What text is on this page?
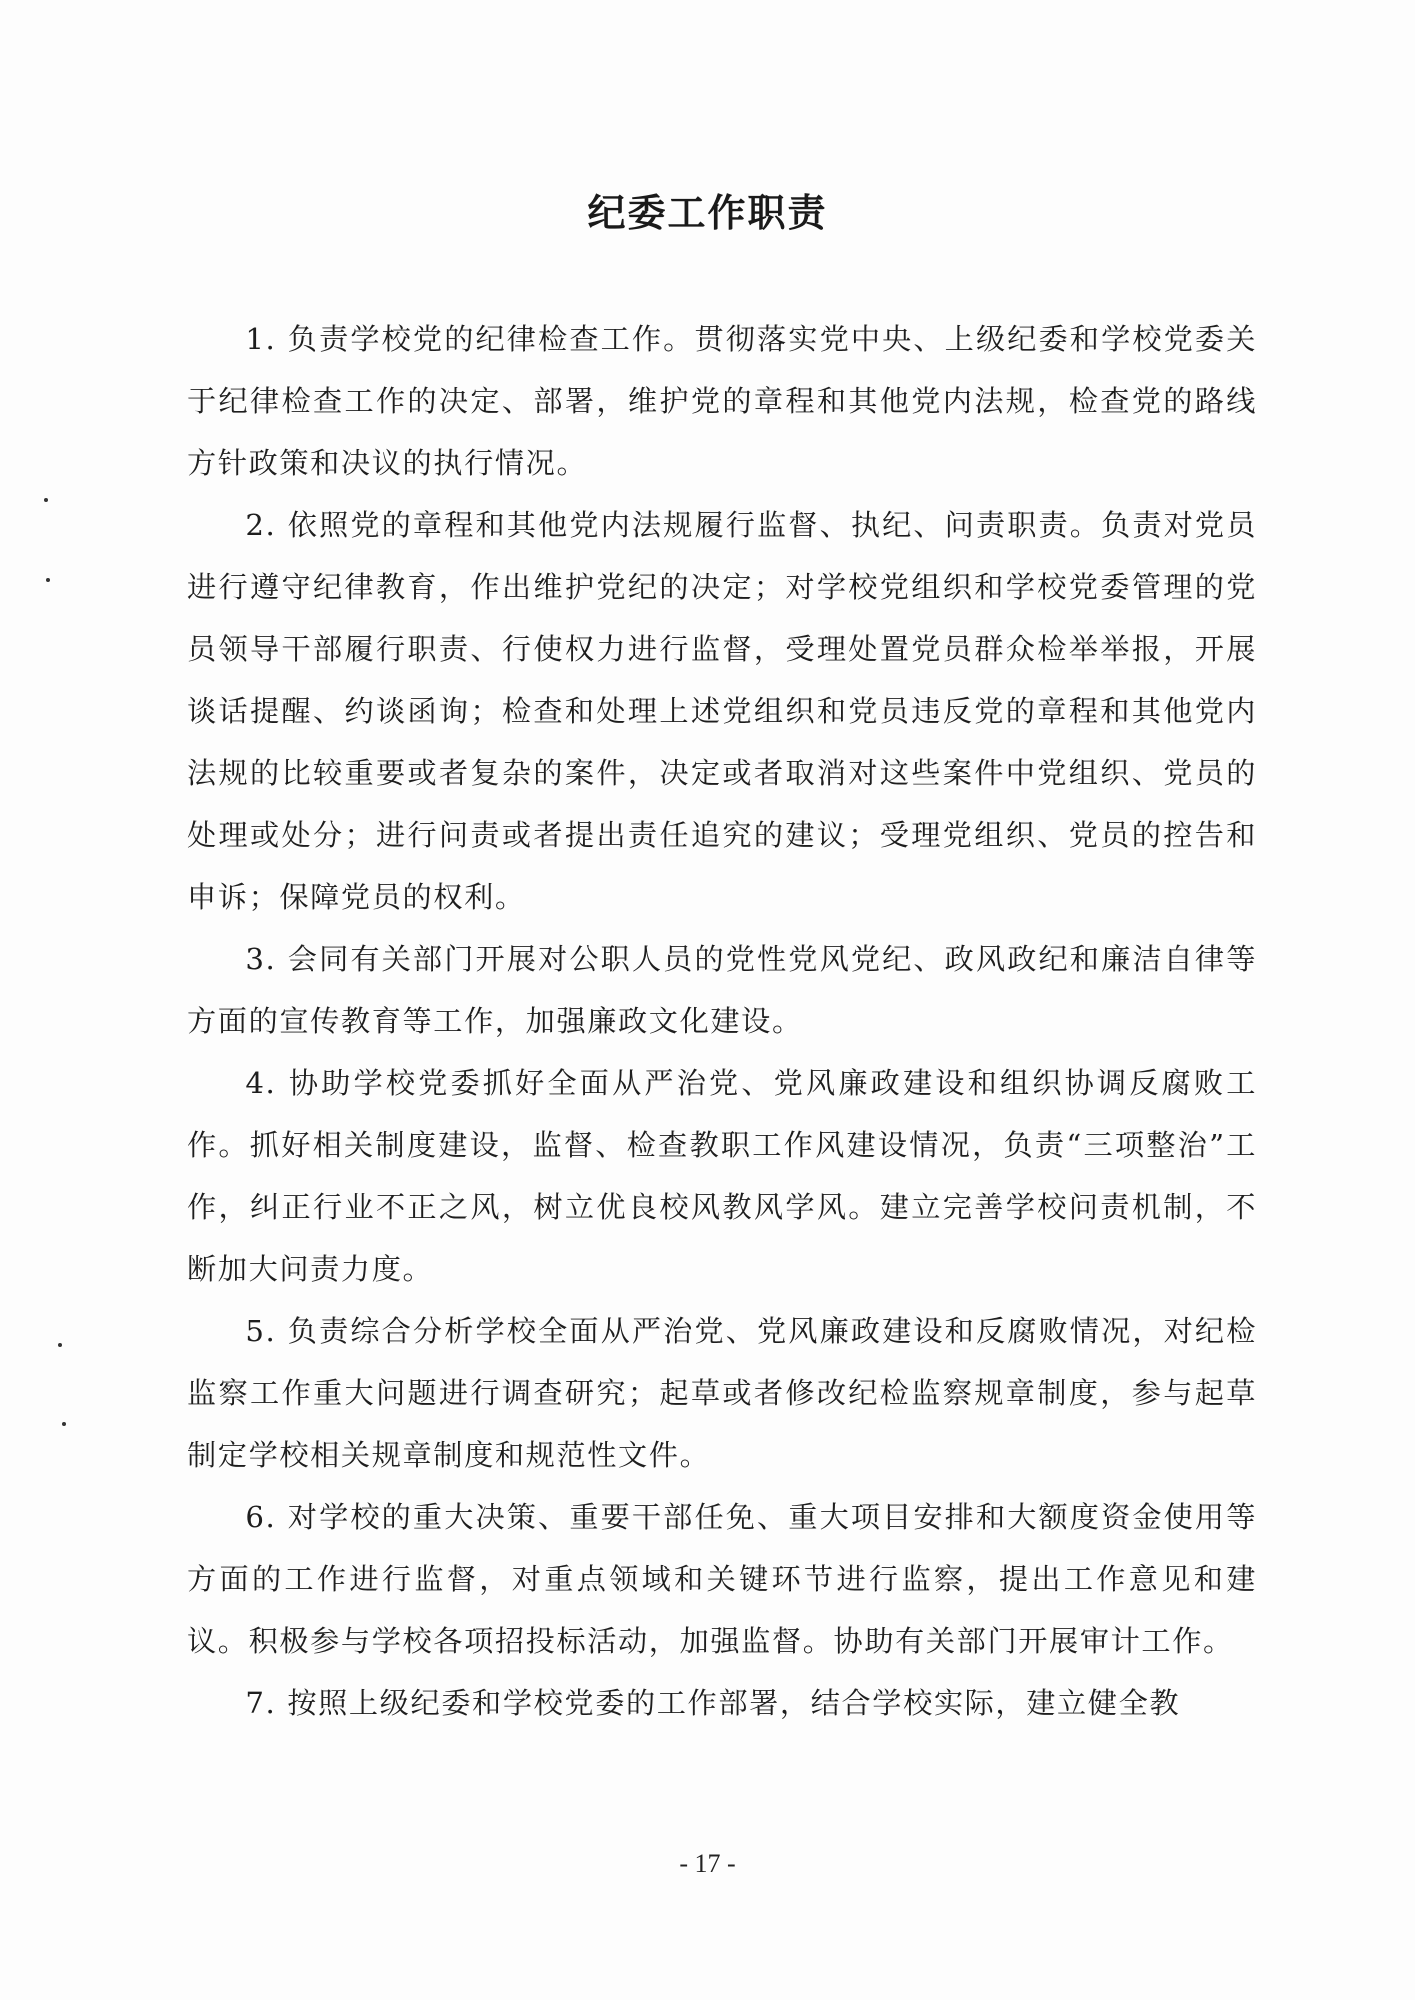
纪委工作职责

1. 负责学校党的纪律检查工作。贯彻落实党中央、上级纪委和学校党委关于纪律检查工作的决定、部署，维护党的章程和其他党内法规，检查党的路线方针政策和决议的执行情况。

2. 依照党的章程和其他党内法规履行监督、执纪、问责职责。负责对党员进行遵守纪律教育，作出维护党纪的决定；对学校党组织和学校党委管理的党员领导干部履行职责、行使权力进行监督，受理处置党员群众检举举报，开展谈话提醒、约谈函询；检查和处理上述党组织和党员违反党的章程和其他党内法规的比较重要或者复杂的案件，决定或者取消对这些案件中党组织、党员的处理或处分；进行问责或者提出责任追究的建议；受理党组织、党员的控告和申诉；保障党员的权利。

3. 会同有关部门开展对公职人员的党性党风党纪、政风政纪和廉洁自律等方面的宣传教育等工作，加强廉政文化建设。

4. 协助学校党委抓好全面从严治党、党风廉政建设和组织协调反腐败工作。抓好相关制度建设，监督、检查教职工作风建设情况，负责“三项整治”工作，纠正行业不正之风，树立优良校风教风学风。建立完善学校问责机制，不断加大问责力度。

5. 负责综合分析学校全面从严治党、党风廉政建设和反腐败情况，对纪检监察工作重大问题进行调查研究；起草或者修改纪检监察规章制度，参与起草制定学校相关规章制度和规范性文件。

6. 对学校的重大决策、重要干部任免、重大项目安排和大额度资金使用等方面的工作进行监督，对重点领域和关键环节进行监察，提出工作意见和建议。积极参与学校各项招投标活动，加强监督。协助有关部门开展审计工作。

7. 按照上级纪委和学校党委的工作部署，结合学校实际，建立健全教

- 17 -
